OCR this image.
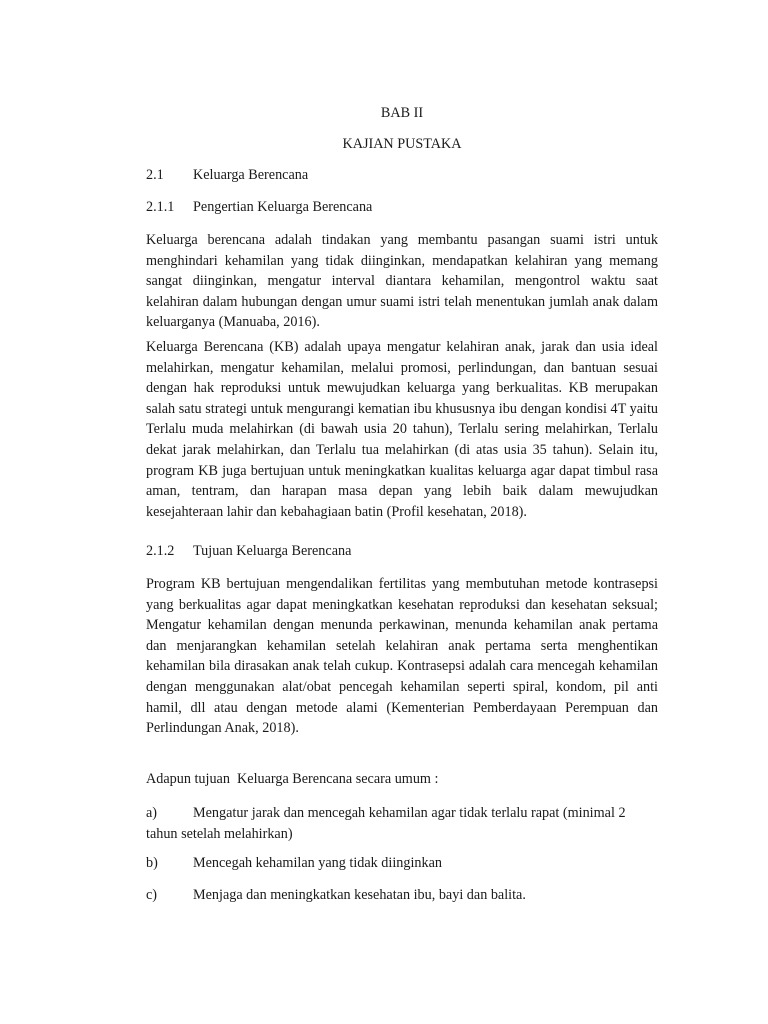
BAB II
KAJIAN PUSTAKA
2.1 Keluarga Berencana
2.1.1 Pengertian Keluarga Berencana

Keluarga berencana adalah tindakan yang membantu pasangan suami istri untuk menghindari kehamilan yang tidak diinginkan, mendapatkan kelahiran yang memang sangat diinginkan, mengatur interval diantara kehamilan, mengontrol waktu saat kelahiran dalam hubungan dengan umur suami istri telah menentukan jumlah anak dalam keluarganya (Manuaba, 2016).

Keluarga Berencana (KB) adalah upaya mengatur kelahiran anak, jarak dan usia ideal melahirkan, mengatur kehamilan, melalui promosi, perlindungan, dan bantuan sesuai dengan hak reproduksi untuk mewujudkan keluarga yang berkualitas. KB merupakan salah satu strategi untuk mengurangi kematian ibu khususnya ibu dengan kondisi 4T yaitu Terlalu muda melahirkan (di bawah usia 20 tahun), Terlalu sering melahirkan, Terlalu dekat jarak melahirkan, dan Terlalu tua melahirkan (di atas usia 35 tahun). Selain itu, program KB juga bertujuan untuk meningkatkan kualitas keluarga agar dapat timbul rasa aman, tentram, dan harapan masa depan yang lebih baik dalam mewujudkan kesejahteraan lahir dan kebahagiaan batin (Profil kesehatan, 2018).

2.1.2 Tujuan Keluarga Berencana

Program KB bertujuan mengendalikan fertilitas yang membutuhan metode kontrasepsi yang berkualitas agar dapat meningkatkan kesehatan reproduksi dan kesehatan seksual; Mengatur kehamilan dengan menunda perkawinan, menunda kehamilan anak pertama dan menjarangkan kehamilan setelah kelahiran anak pertama serta menghentikan kehamilan bila dirasakan anak telah cukup. Kontrasepsi adalah cara mencegah kehamilan dengan menggunakan alat/obat pencegah kehamilan seperti spiral, kondom, pil anti hamil, dll atau dengan metode alami (Kementerian Pemberdayaan Perempuan dan Perlindungan Anak, 2018).

Adapun tujuan  Keluarga Berencana secara umum :
a)	Mengatur jarak dan mencegah kehamilan agar tidak terlalu rapat (minimal 2 tahun setelah melahirkan)
b) Mencegah kehamilan yang tidak diinginkan
c)	Menjaga dan meningkatkan kesehatan ibu, bayi dan balita.
